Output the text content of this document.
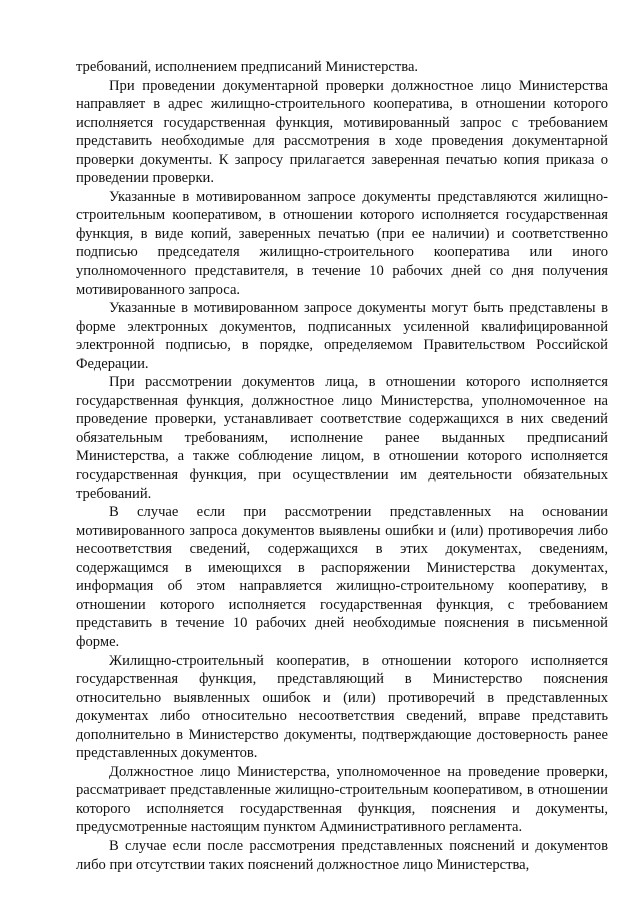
требований, исполнением предписаний Министерства.

При проведении документарной проверки должностное лицо Министерства направляет в адрес жилищно-строительного кооператива, в отношении которого исполняется государственная функция, мотивированный запрос с требованием представить необходимые для рассмотрения в ходе проведения документарной проверки документы. К запросу прилагается заверенная печатью копия приказа о проведении проверки.

Указанные в мотивированном запросе документы представляются жилищно-строительным кооперативом, в отношении которого исполняется государственная функция, в виде копий, заверенных печатью (при ее наличии) и соответственно подписью председателя жилищно-строительного кооператива или иного уполномоченного представителя, в течение 10 рабочих дней со дня получения мотивированного запроса.

Указанные в мотивированном запросе документы могут быть представлены в форме электронных документов, подписанных усиленной квалифицированной электронной подписью, в порядке, определяемом Правительством Российской Федерации.

При рассмотрении документов лица, в отношении которого исполняется государственная функция, должностное лицо Министерства, уполномоченное на проведение проверки, устанавливает соответствие содержащихся в них сведений обязательным требованиям, исполнение ранее выданных предписаний Министерства, а также соблюдение лицом, в отношении которого исполняется государственная функция, при осуществлении им деятельности обязательных требований.

В случае если при рассмотрении представленных на основании мотивированного запроса документов выявлены ошибки и (или) противоречия либо несоответствия сведений, содержащихся в этих документах, сведениям, содержащимся в имеющихся в распоряжении Министерства документах, информация об этом направляется жилищно-строительному кооперативу, в отношении которого исполняется государственная функция, с требованием представить в течение 10 рабочих дней необходимые пояснения в письменной форме.

Жилищно-строительный кооператив, в отношении которого исполняется государственная функция, представляющий в Министерство пояснения относительно выявленных ошибок и (или) противоречий в представленных документах либо относительно несоответствия сведений, вправе представить дополнительно в Министерство документы, подтверждающие достоверность ранее представленных документов.

Должностное лицо Министерства, уполномоченное на проведение проверки, рассматривает представленные жилищно-строительным кооперативом, в отношении которого исполняется государственная функция, пояснения и документы, предусмотренные настоящим пунктом Административного регламента.

В случае если после рассмотрения представленных пояснений и документов либо при отсутствии таких пояснений должностное лицо Министерства,
